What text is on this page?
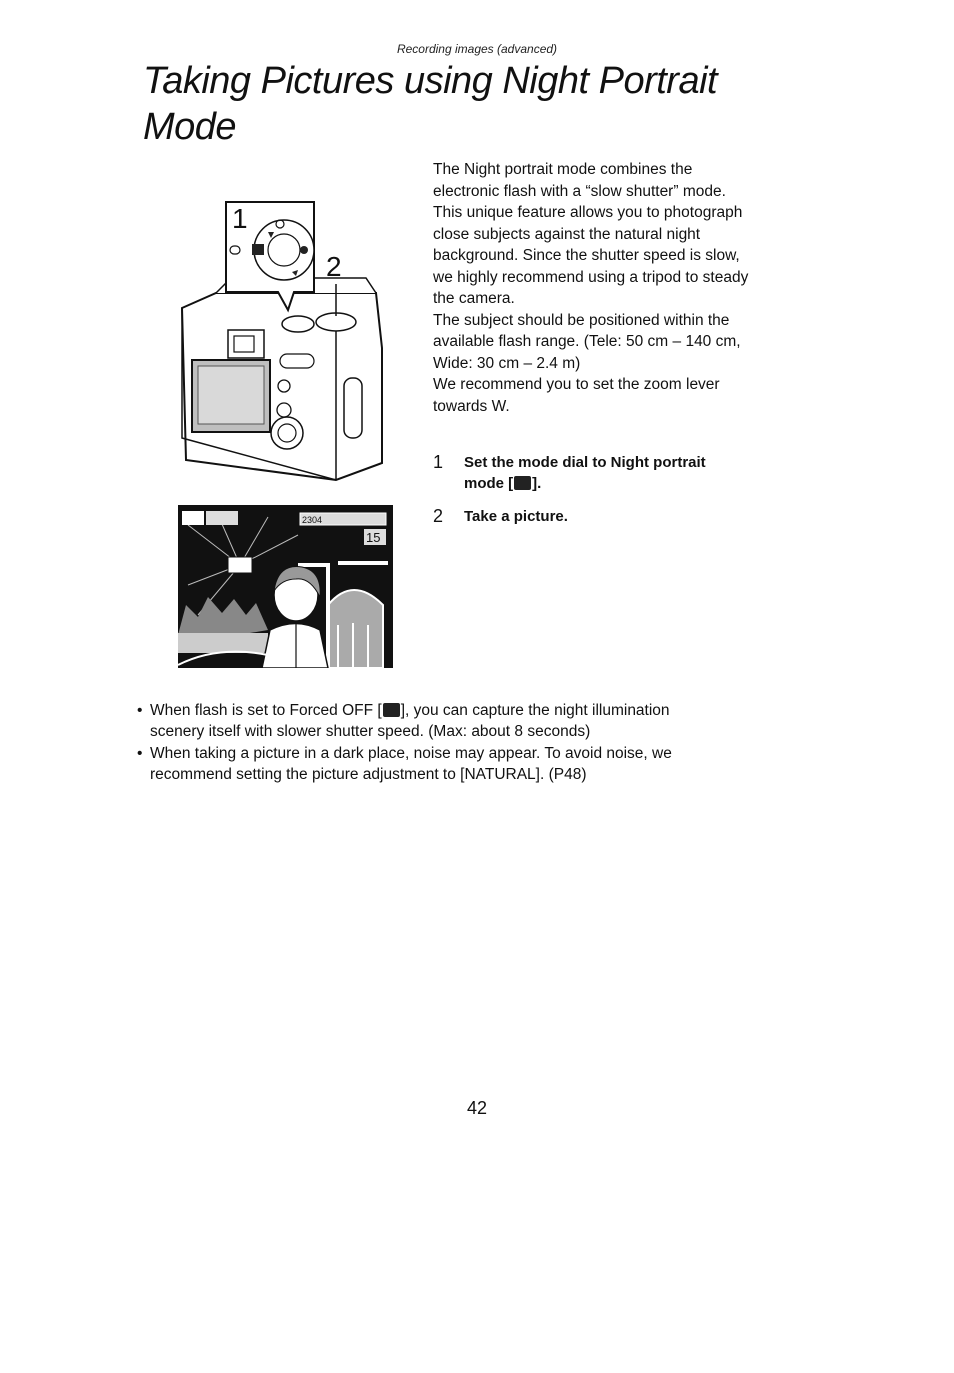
Recording images (advanced)
Taking Pictures using Night Portrait
Mode
1
2
2304
15

The Night portrait mode combines the
electronic flash with a “slow shutter” mode.
This unique feature allows you to photograph
close subjects against the natural night
background. Since the shutter speed is slow,
we highly recommend using a tripod to steady
the camera.

The subject should be positioned within the
available flash range. (Tele: 50 cm – 140 cm,
Wide: 30 cm – 2.4 m)

We recommend you to set the zoom lever
towards W.

1 Set the mode dial to Night portrait
mode [ ].
2 Take a picture.
• When flash is set to Forced OFF [ ], you can capture the night illumination
scenery itself with slower shutter speed. (Max: about 8 seconds)
• When taking a picture in a dark place, noise may appear. To avoid noise, we
recommend setting the picture adjustment to [NATURAL]. (P48)
42
